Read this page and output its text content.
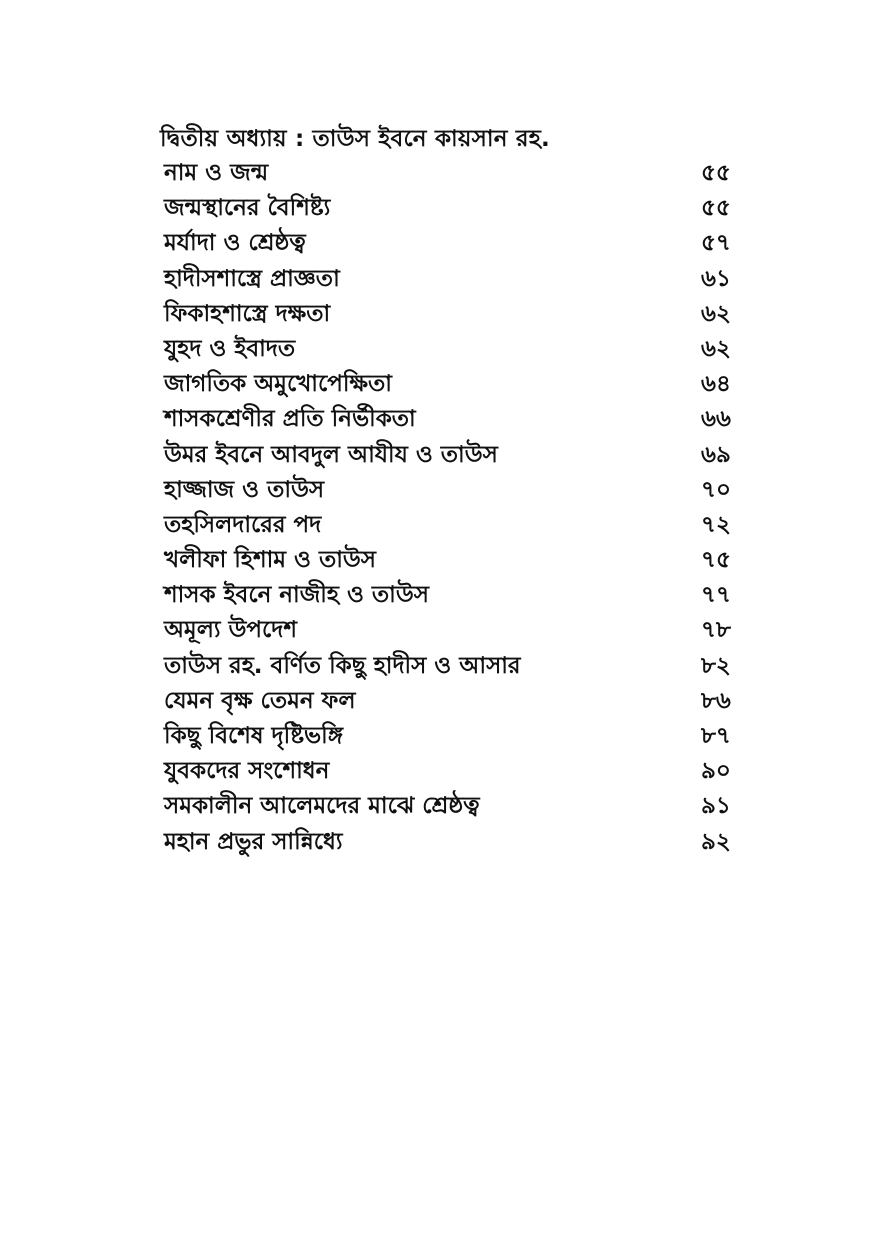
দ্বিতীয় অধ্যায় : তাউস ইবনে কায়সান রহ.
নাম ও জন্ম	৫৫
জন্মস্থানের বৈশিষ্ট্য	৫৫
মর্যাদা ও শ্রেষ্ঠত্ব	৫৭
হাদীসশাস্ত্রে প্রাজ্ঞতা	৬১
ফিকাহশাস্ত্রে দক্ষতা	৬২
যুহদ ও ইবাদত	৬২
জাগতিক অমুখোপেক্ষিতা	৬৪
শাসকশ্রেণীর প্রতি নির্ভীকতা	৬৬
উমর ইবনে আবদুল আযীয ও তাউস	৬৯
হাজ্জাজ ও তাউস	৭০
তহসিলদারের পদ	৭২
খলীফা হিশাম ও তাউস	৭৫
শাসক ইবনে নাজীহ ও তাউস	৭৭
অমূল্য উপদেশ	৭৮
তাউস রহ. বর্ণিত কিছু হাদীস ও আসার	৮২
যেমন বৃক্ষ তেমন ফল	৮৬
কিছু বিশেষ দৃষ্টিভঙ্গি	৮৭
যুবকদের সংশোধন	৯০
সমকালীন আলেমদের মাঝে শ্রেষ্ঠত্ব	৯১
মহান প্রভুর সান্নিধ্যে	৯২
